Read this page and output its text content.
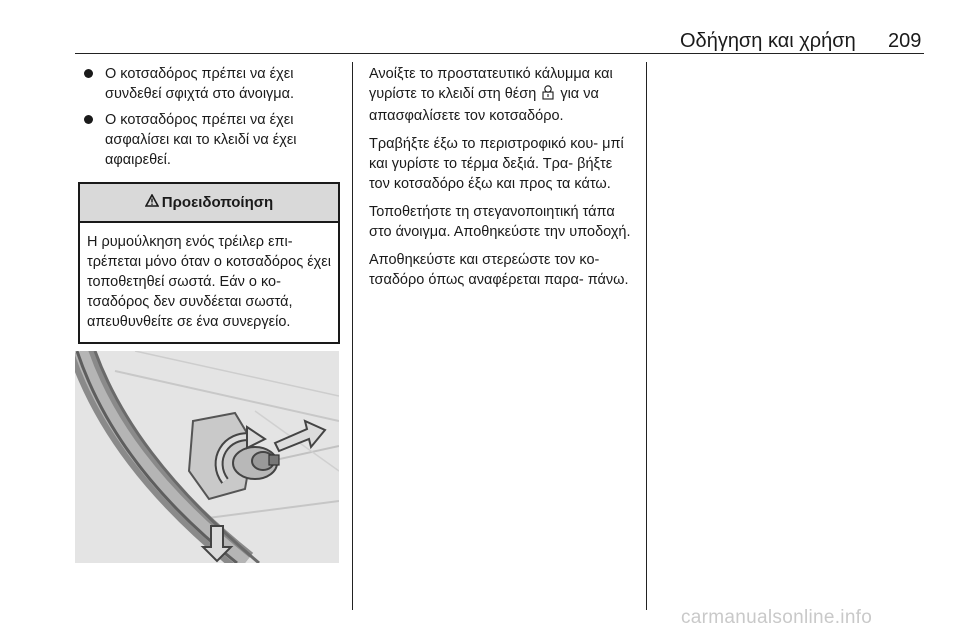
Οδήγηση και χρήση 209
Ο κοτσαδόρος πρέπει να έχει συνδεθεί σφιχτά στο άνοιγμα.
Ο κοτσαδόρος πρέπει να έχει ασφαλίσει και το κλειδί να έχει αφαιρεθεί.
Προειδοποίηση
Η ρυμούλκηση ενός τρέιλερ επι- τρέπεται μόνο όταν ο κοτσαδόρος έχει τοποθετηθεί σωστά. Εάν ο κο- τσαδόρος δεν συνδέεται σωστά, απευθυνθείτε σε ένα συνεργείο.

Ανοίξτε το προστατευτικό κάλυμμα και γυρίστε το κλειδί στη θέση για να απασφαλίσετε τον κοτσαδόρο.

Τραβήξτε έξω το περιστροφικό κου- μπί και γυρίστε το τέρμα δεξιά. Τρα- βήξτε τον κοτσαδόρο έξω και προς τα κάτω.

Τοποθετήστε τη στεγανοποιητική τάπα στο άνοιγμα. Αποθηκεύστε την υποδοχή.

Αποθηκεύστε και στερεώστε τον κο- τσαδόρο όπως αναφέρεται παρα- πάνω.

carmanualsonline.info
